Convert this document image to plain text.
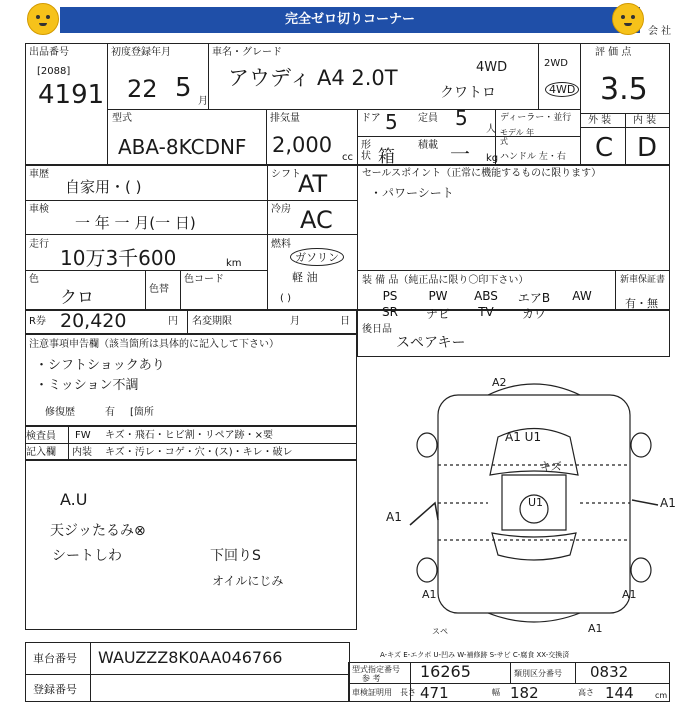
完全ゼロ切りコーナー
会 社
出品番号
[2088]
4191
初度登録年月
22 5 月
車名・グレード
アウディ A4 2.0T
クワトロ
4WD	2WD
4WD
評 価 点
3.5
外 装 内 装
C D
型式
ABA-8KCDNF
排気量
2,000
cc
ドア 5 定員 5 人
形状 箱
積載 一 kg
ディーラー・並行
モデル 年式
ハンドル 左・右
車歴
自家用・( )
車検
一 年 一 月(一 日)
走行
10万3千600	km
色
クロ	色替
色コード
シフト
AT
冷房 AC
燃料
ガソリン
軽 油
( )
セールスポイント（正常に機能するものに限ります）
・パワーシート
装 備 品（純正品に限り〇印下さい）
PS	PW	ABS	エアB	AW
SR	ナビ	TV	カワ
新車保証書
有・無
R券 20,420	円 名変期限	月	日
後日品
スペアキー
注意事項申告欄（該当箇所は具体的に記入して下さい）
・シフトショックあり
・ミッション不調
修復歴	有 [箇所
検査員 記入欄
FW キズ・飛石・ヒビ割・リペア跡・×要
内装 キズ・汚レ・コゲ・穴・(ス)・キレ・破レ
A.U
天ジッたるみ⊗
シートしわ	下回りS
オイルにじみ
A2
A1 U1
キズ
U1
A1
A1
A1	A1
A1
スペ
A-キズ E-エクボ U-凹み W-補修跡 S-サビ C-腐食 XX-交換済
車台番号 WAUZZZ8K0AA046766
登録番号
型式指定番号
参 考 16265	類別区分番号 0832
車検証明用 長さ 471	幅 182	高さ 144	cm
